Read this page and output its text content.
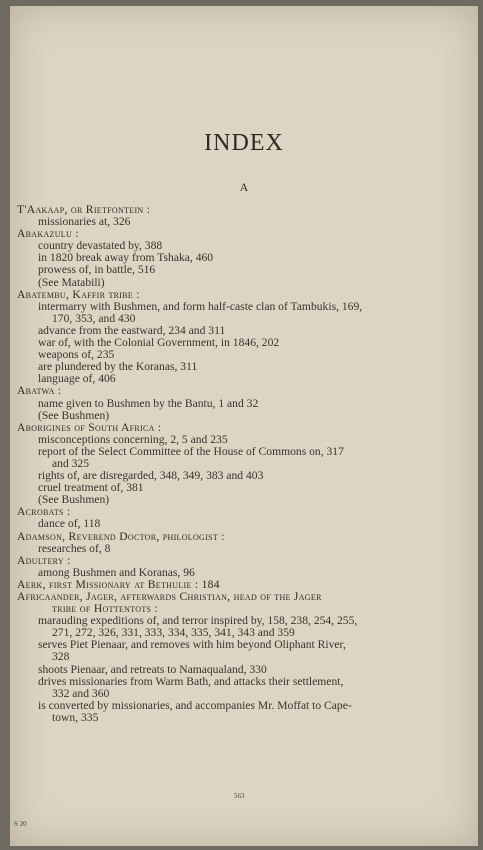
INDEX
A
T'Aakaap, or Rietfontein :
missionaries at, 326
Abakazulu :
country devastated by, 388
in 1820 break away from Tshaka, 460
prowess of, in battle, 516
(See Matabili)
Abatembu, Kaffir tribe :
intermarry with Bushmen, and form half-caste clan of Tambukis, 169,
170, 353, and 430
advance from the eastward, 234 and 311
war of, with the Colonial Government, in 1846, 202
weapons of, 235
are plundered by the Koranas, 311
language of, 406
Abatwa :
name given to Bushmen by the Bantu, 1 and 32
(See Bushmen)
Aborigines of South Africa :
misconceptions concerning, 2, 5 and 235
report of the Select Committee of the House of Commons on, 317
and 325
rights of, are disregarded, 348, 349, 383 and 403
cruel treatment of, 381
(See Bushmen)
Acrobats :
dance of, 118
Adamson, Reverend Doctor, philologist :
researches of, 8
Adultery :
among Bushmen and Koranas, 96
Aerk, first Missionary at Bethulie : 184
Africaander, Jager, afterwards Christian, head of the Jager
tribe of Hottentots :
marauding expeditions of, and terror inspired by, 158, 238, 254, 255,
271, 272, 326, 331, 333, 334, 335, 341, 343 and 359
serves Piet Pienaar, and removes with him beyond Oliphant River,
328
shoots Pienaar, and retreats to Namaqualand, 330
drives missionaries from Warm Bath, and attacks their settlement,
332 and 360
is converted by missionaries, and accompanies Mr. Moffat to Cape-
town, 335
563
S 20
